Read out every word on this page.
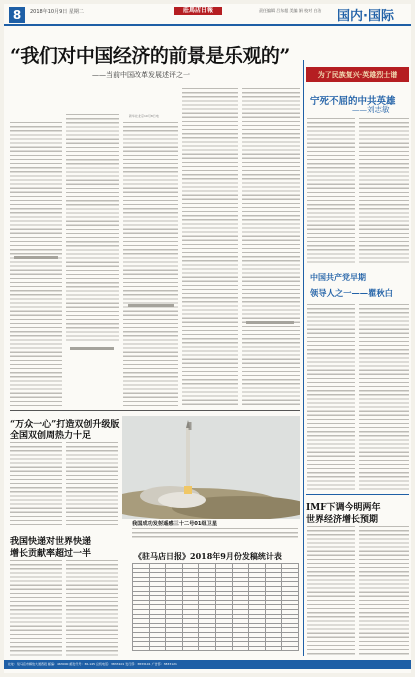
8	2018年10月9日 星期二	莊馬店日報	责任编辑 吕东超 美编 娟 校对 白洁 国内·国际
“我们对中国经济的前景是乐观的”
——当前中国改革发展述评之一
新华社北京10月8日电
为了民族复兴·英雄烈士谱
宁死不屈的中共英雄
——刘志敏
中国共产党早期
领导人之一——瞿秋白
“万众一心”打造双创升级版
全国双创周热力十足
我国成功发射遥感三十二号01组卫星
我国快递对世界快递
增长贡献率超过一半	《驻马店日报》2018年9月份发稿统计表

IMF下调今明两年
世界经济增长预期
社址：驻马店市解放大道西段 邮编：463000 邮发代号：36-145 总机电话：3833101 发行部：3833101 广告部：3833121
